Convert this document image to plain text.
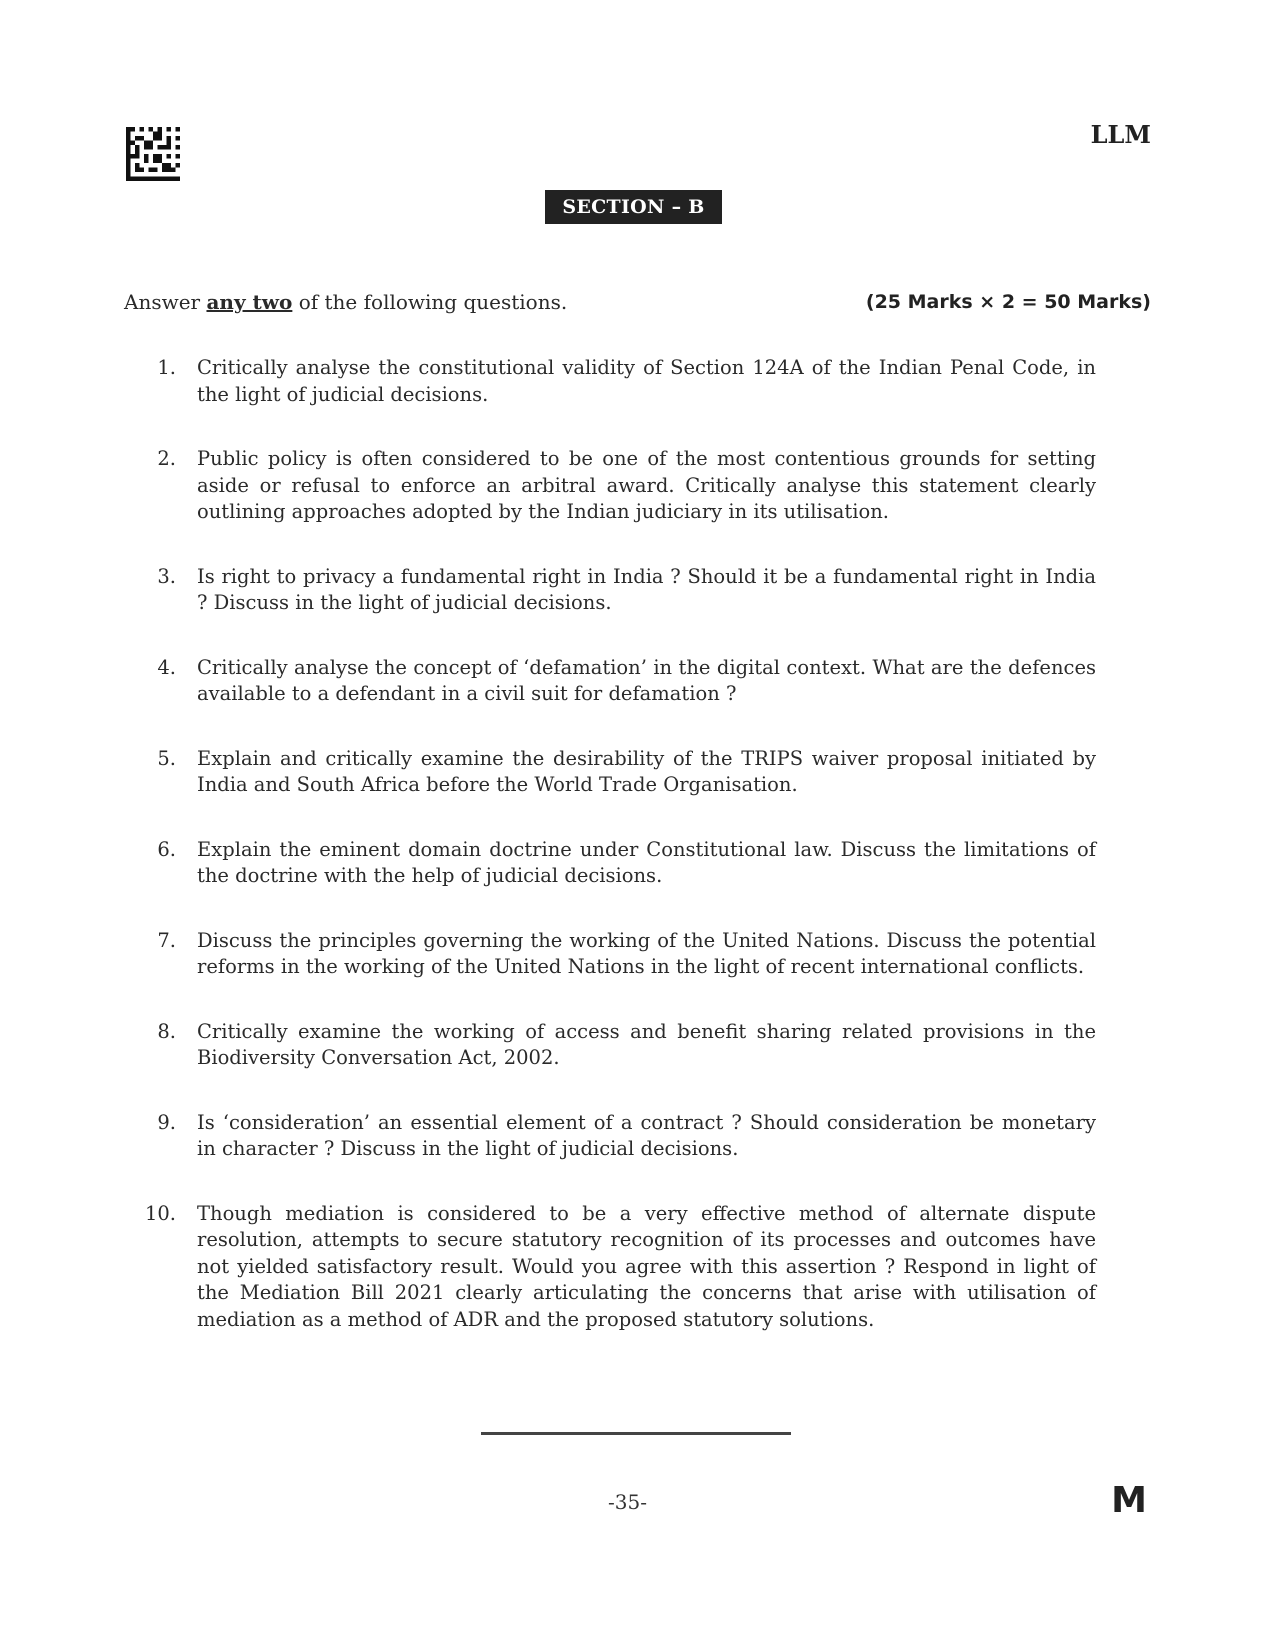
LLM
SECTION – B
Answer any two of the following questions.	(25 Marks × 2 = 50 Marks)
1.	Critically analyse the constitutional validity of Section 124A of the Indian Penal Code, in the light of judicial decisions.
2.	Public policy is often considered to be one of the most contentious grounds for setting aside or refusal to enforce an arbitral award. Critically analyse this statement clearly outlining approaches adopted by the Indian judiciary in its utilisation.
3.	Is right to privacy a fundamental right in India ? Should it be a fundamental right in India ? Discuss in the light of judicial decisions.
4.	Critically analyse the concept of ‘defamation’ in the digital context. What are the defences available to a defendant in a civil suit for defamation ?
5.	Explain and critically examine the desirability of the TRIPS waiver proposal initiated by India and South Africa before the World Trade Organisation.
6.	Explain the eminent domain doctrine under Constitutional law. Discuss the limitations of the doctrine with the help of judicial decisions.
7.	Discuss the principles governing the working of the United Nations. Discuss the potential reforms in the working of the United Nations in the light of recent international conflicts.
8.	Critically examine the working of access and benefit sharing related provisions in the Biodiversity Conversation Act, 2002.
9.	Is ‘consideration’ an essential element of a contract ? Should consideration be monetary in character ? Discuss in the light of judicial decisions.
10.	Though mediation is considered to be a very effective method of alternate dispute resolution, attempts to secure statutory recognition of its processes and outcomes have not yielded satisfactory result. Would you agree with this assertion ? Respond in light of the Mediation Bill 2021 clearly articulating the concerns that arise with utilisation of mediation as a method of ADR and the proposed statutory solutions.
-35-	M
